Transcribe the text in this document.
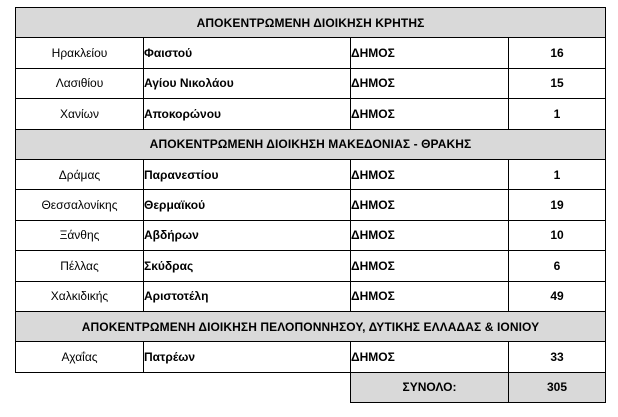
ΑΠΟΚΕΝΤΡΩΜΕΝΗ ΔΙΟΙΚΗΣΗ ΚΡΗΤΗΣ			
Ηρακλείου	Φαιστού	ΔΗΜΟΣ	16
Λασιθίου	Αγίου Νικολάου	ΔΗΜΟΣ	15
Χανίων	Αποκορώνου	ΔΗΜΟΣ	1
ΑΠΟΚΕΝΤΡΩΜΕΝΗ ΔΙΟΙΚΗΣΗ ΜΑΚΕΔΟΝΙΑΣ - ΘΡΑΚΗΣ			
Δράμας	Παρανεστίου	ΔΗΜΟΣ	1
Θεσσαλονίκης	Θερμαϊκού	ΔΗΜΟΣ	19
Ξάνθης	Αβδήρων	ΔΗΜΟΣ	10
Πέλλας	Σκύδρας	ΔΗΜΟΣ	6
Χαλκιδικής	Αριστοτέλη	ΔΗΜΟΣ	49
ΑΠΟΚΕΝΤΡΩΜΕΝΗ ΔΙΟΙΚΗΣΗ ΠΕΛΟΠΟΝΝΗΣΟΥ, ΔΥΤΙΚΗΣ ΕΛΛΑΔΑΣ & ΙΟΝΙΟΥ			
Αχαΐας	Πατρέων	ΔΗΜΟΣ	33
		ΣΥΝΟΛΟ:	305
